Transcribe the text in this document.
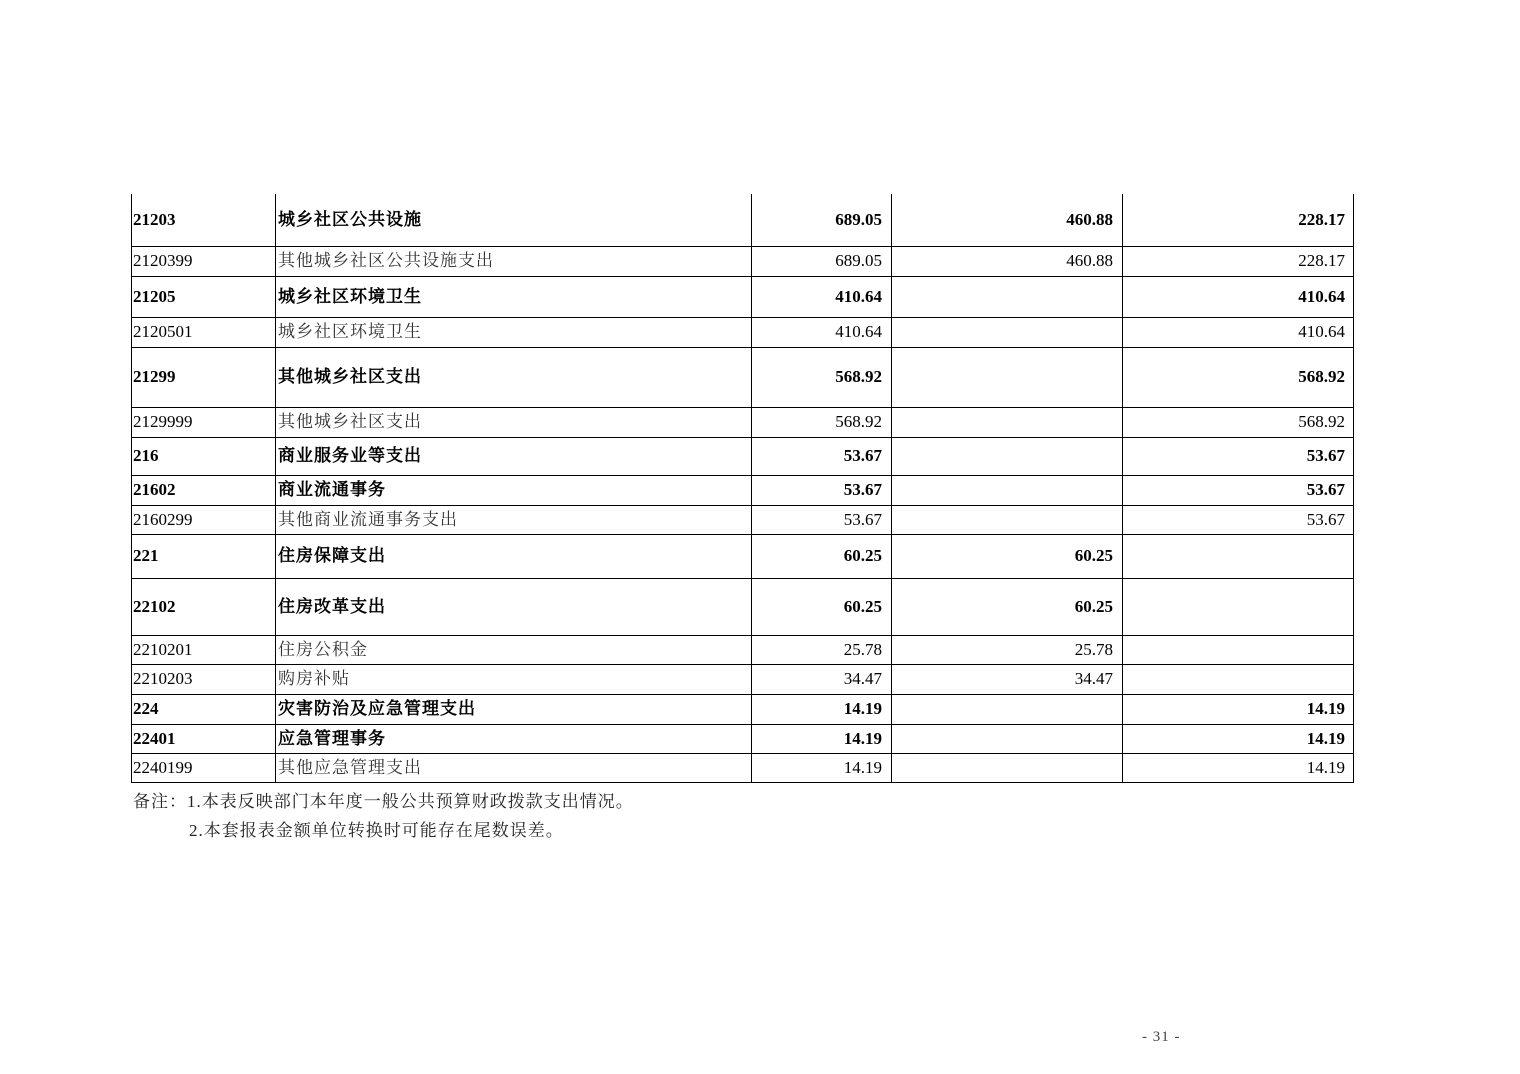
21203	城乡社区公共设施	689.05	460.88	228.17
2120399	其他城乡社区公共设施支出	689.05	460.88	228.17
21205	城乡社区环境卫生	410.64		410.64
2120501	城乡社区环境卫生	410.64		410.64
21299	其他城乡社区支出	568.92		568.92
2129999	其他城乡社区支出	568.92		568.92
216	商业服务业等支出	53.67		53.67
21602	商业流通事务	53.67		53.67
2160299	其他商业流通事务支出	53.67		53.67
221	住房保障支出	60.25	60.25	
22102	住房改革支出	60.25	60.25	
2210201	住房公积金	25.78	25.78	
2210203	购房补贴	34.47	34.47	
224	灾害防治及应急管理支出	14.19		14.19
22401	应急管理事务	14.19		14.19
2240199	其他应急管理支出	14.19		14.19
备注：1.本表反映部门本年度一般公共预算财政拨款支出情况。
2.本套报表金额单位转换时可能存在尾数误差。
- 31 -
